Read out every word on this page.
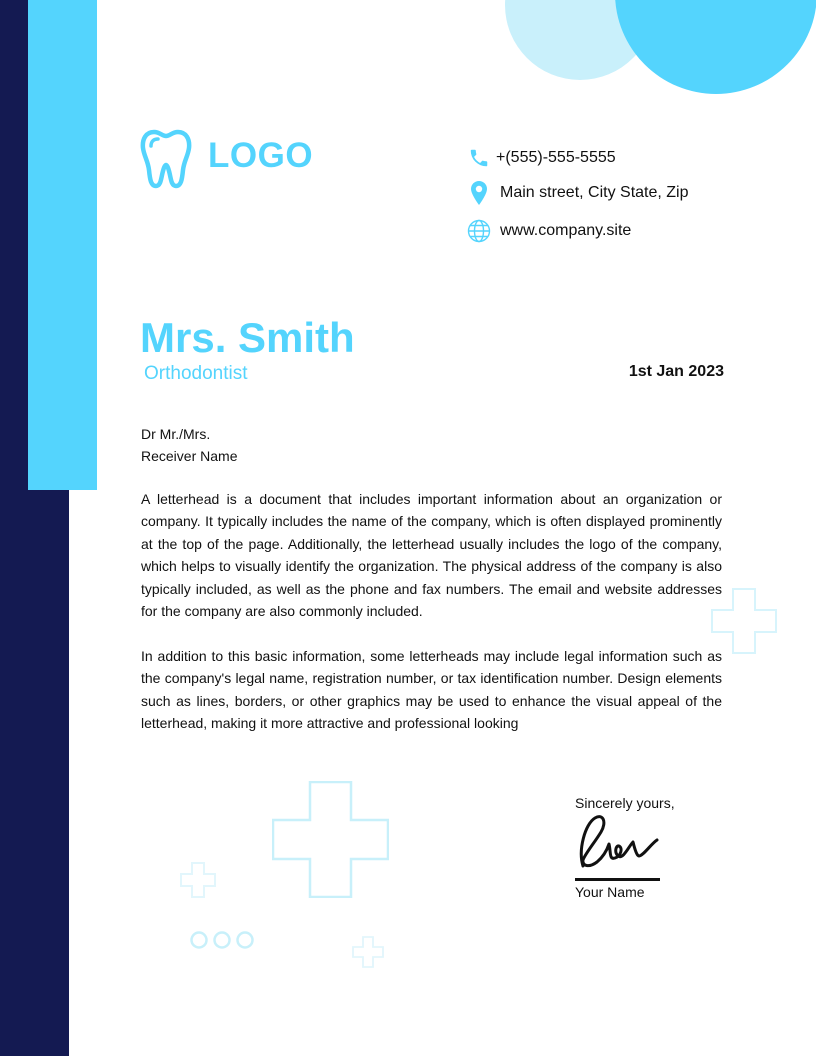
LOGO	+(555)-555-5555
Main street, City State, Zip
www.company.site
Mrs. Smith
Orthodontist	1st Jan 2023
Dr Mr./Mrs.
Receiver Name

A letterhead is a document that includes important information about an organization or company. It typically includes the name of the company, which is often displayed prominently at the top of the page. Additionally, the letterhead usually includes the logo of the company, which helps to visually identify the organization. The physical address of the company is also typically included, as well as the phone and fax numbers. The email and website addresses for the company are also commonly included.

In addition to this basic information, some letterheads may include legal information such as the company's legal name, registration number, or tax identification number. Design elements such as lines, borders, or other graphics may be used to enhance the visual appeal of the letterhead, making it more attractive and professional looking

Sincerely yours,
Your Name
